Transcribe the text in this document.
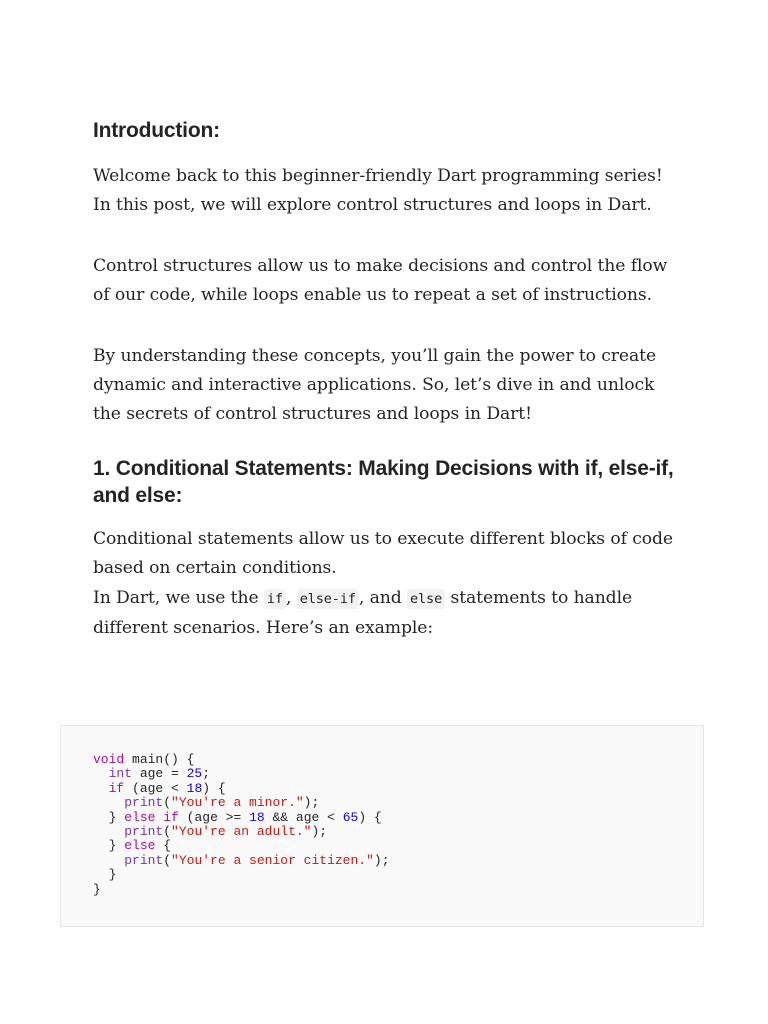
Introduction:

Welcome back to this beginner-friendly Dart programming series! In this post, we will explore control structures and loops in Dart.

Control structures allow us to make decisions and control the flow of our code, while loops enable us to repeat a set of instructions.

By understanding these concepts, you’ll gain the power to create dynamic and interactive applications. So, let’s dive in and unlock the secrets of control structures and loops in Dart!

1. Conditional Statements: Making Decisions with if, else-if, and else:

Conditional statements allow us to execute different blocks of code based on certain conditions.

In Dart, we use the if , else-if , and else statements to handle different scenarios. Here’s an example:

void main() {
int age = 25;
if (age < 18) {
print("You're a minor.");
} else if (age >= 18 && age < 65) {
print("You're an adult.");
} else {
print("You're a senior citizen.");
}
}
